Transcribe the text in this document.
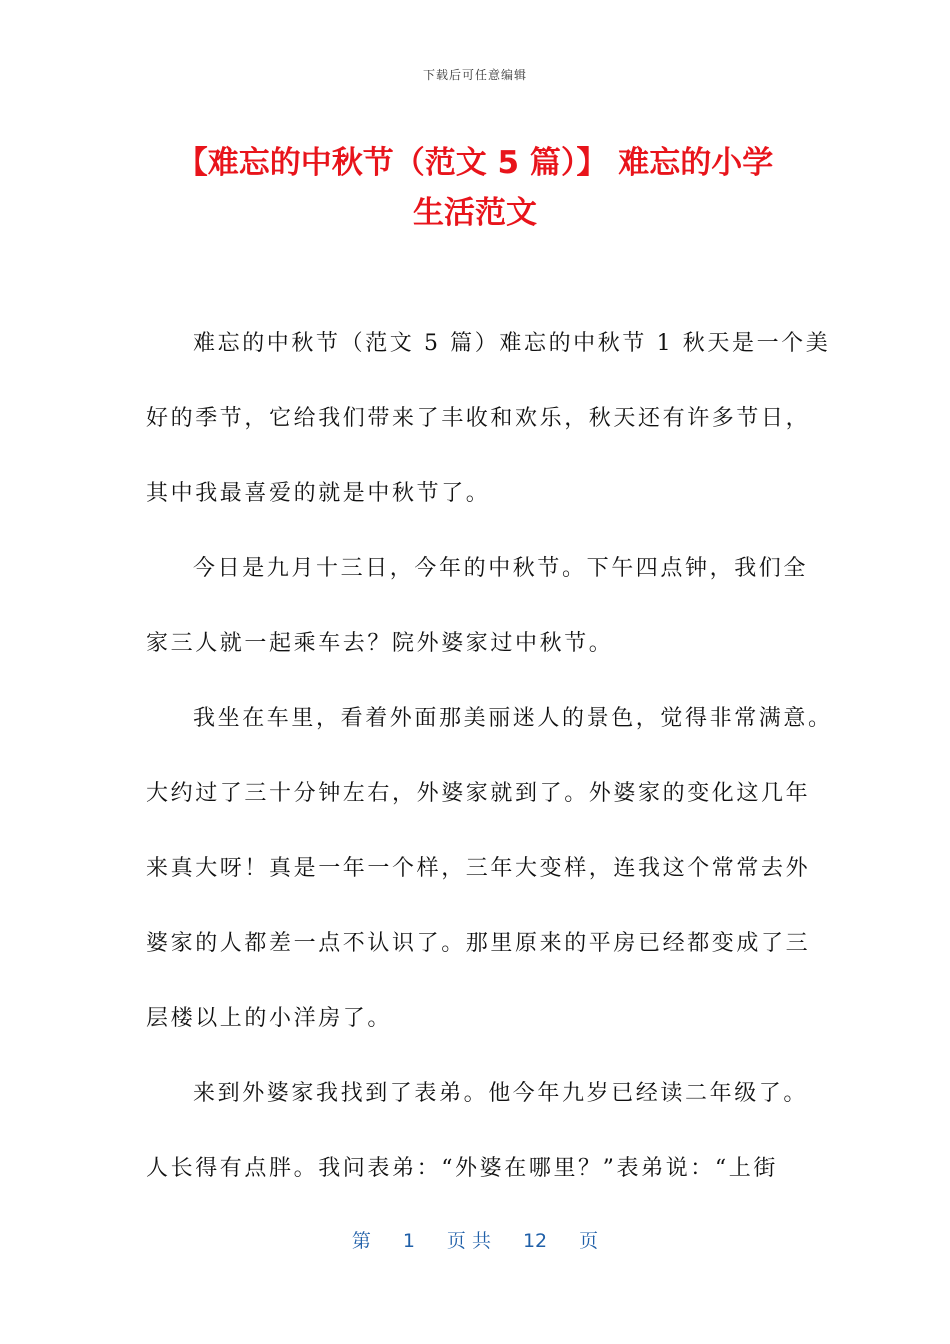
下载后可任意编辑
【难忘的中秋节（范文 5 篇）】 难忘的小学
生活范文
难忘的中秋节（范文 5 篇）难忘的中秋节 1 秋天是一个美
好的季节，它给我们带来了丰收和欢乐，秋天还有许多节日，
其中我最喜爱的就是中秋节了。
今日是九月十三日，今年的中秋节。下午四点钟，我们全
家三人就一起乘车去？院外婆家过中秋节。
我坐在车里，看着外面那美丽迷人的景色，觉得非常满意。
大约过了三十分钟左右，外婆家就到了。外婆家的变化这几年
来真大呀！真是一年一个样，三年大变样，连我这个常常去外
婆家的人都差一点不认识了。那里原来的平房已经都变成了三
层楼以上的小洋房了。
来到外婆家我找到了表弟。他今年九岁已经读二年级了。
人长得有点胖。我问表弟：“外婆在哪里？”表弟说：“上街
第 1 页 共 12 页
